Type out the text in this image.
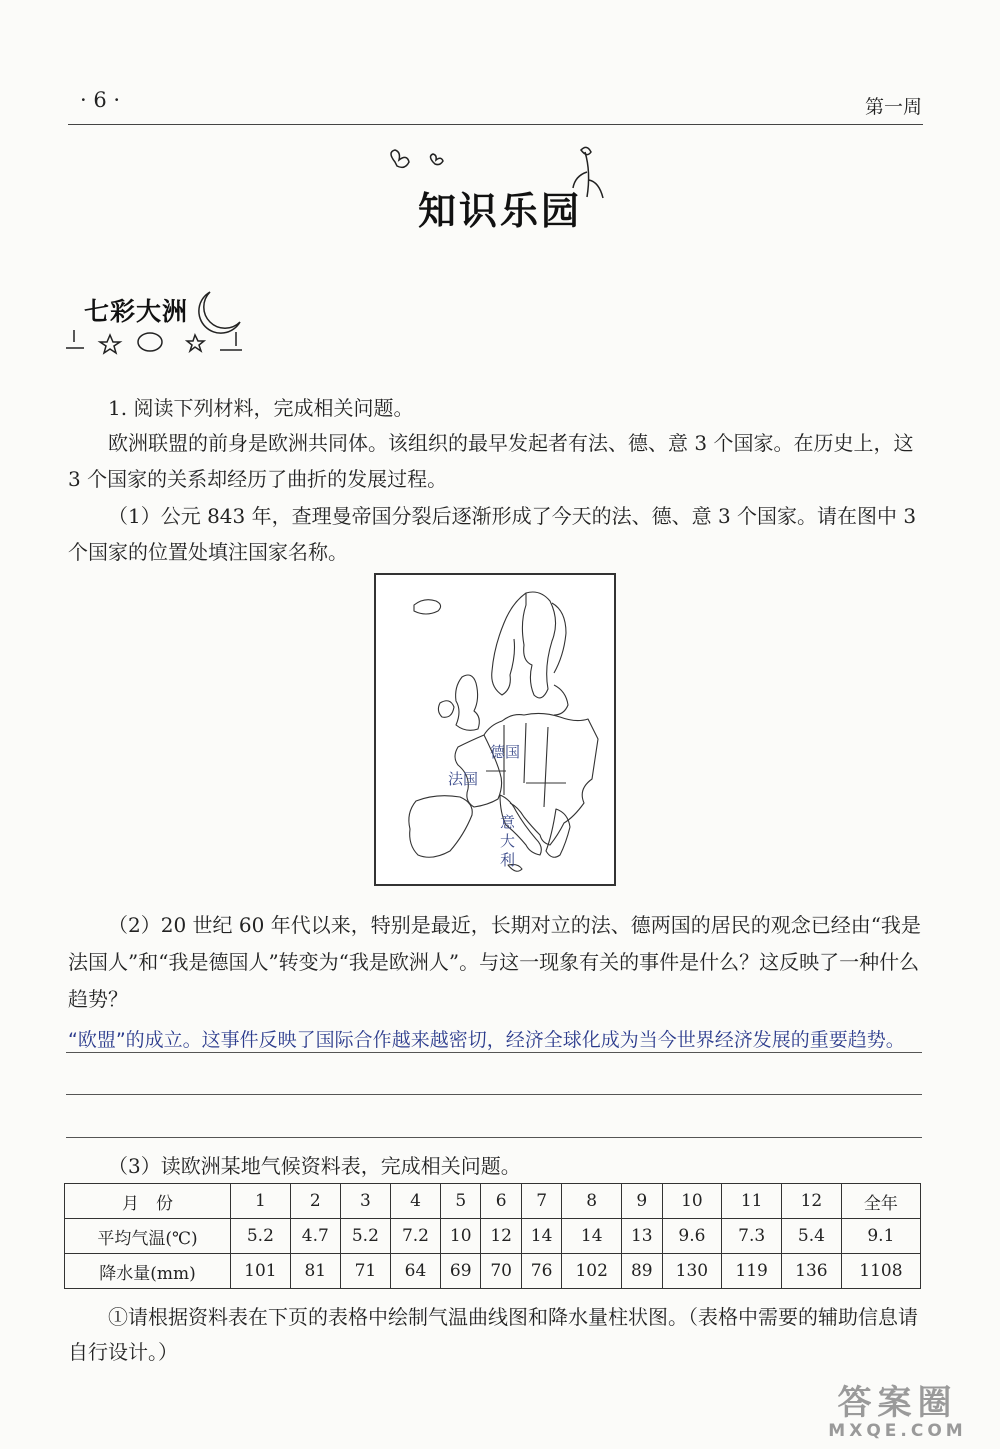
· 6 ·	第一周
知识乐园
七彩大洲
1. 阅读下列材料，完成相关问题。
欧洲联盟的前身是欧洲共同体。该组织的最早发起者有法、德、意 3 个国家。在历史上，这 3 个国家的关系却经历了曲折的发展过程。
（1）公元 843 年，查理曼帝国分裂后逐渐形成了今天的法、德、意 3 个国家。请在图中 3 个国家的位置处填注国家名称。
德国
法国
意大利
（2）20 世纪 60 年代以来，特别是最近，长期对立的法、德两国的居民的观念已经由“我是法国人”和“我是德国人”转变为“我是欧洲人”。与这一现象有关的事件是什么？这反映了一种什么趋势？
“欧盟”的成立。这事件反映了国际合作越来越密切，经济全球化成为当今世界经济发展的重要趋势。
（3）读欧洲某地气候资料表，完成相关问题。
月　份	1	2	3	4	5	6	7	8	9	10	11	12	全年
平均气温(℃)	5.2	4.7	5.2	7.2	10	12	14	14	13	9.6	7.3	5.4	9.1
降水量(mm)	101	81	71	64	69	70	76	102	89	130	119	136	1108
①请根据资料表在下页的表格中绘制气温曲线图和降水量柱状图。（表格中需要的辅助信息请自行设计。）
答案圈
MXQE.COM
